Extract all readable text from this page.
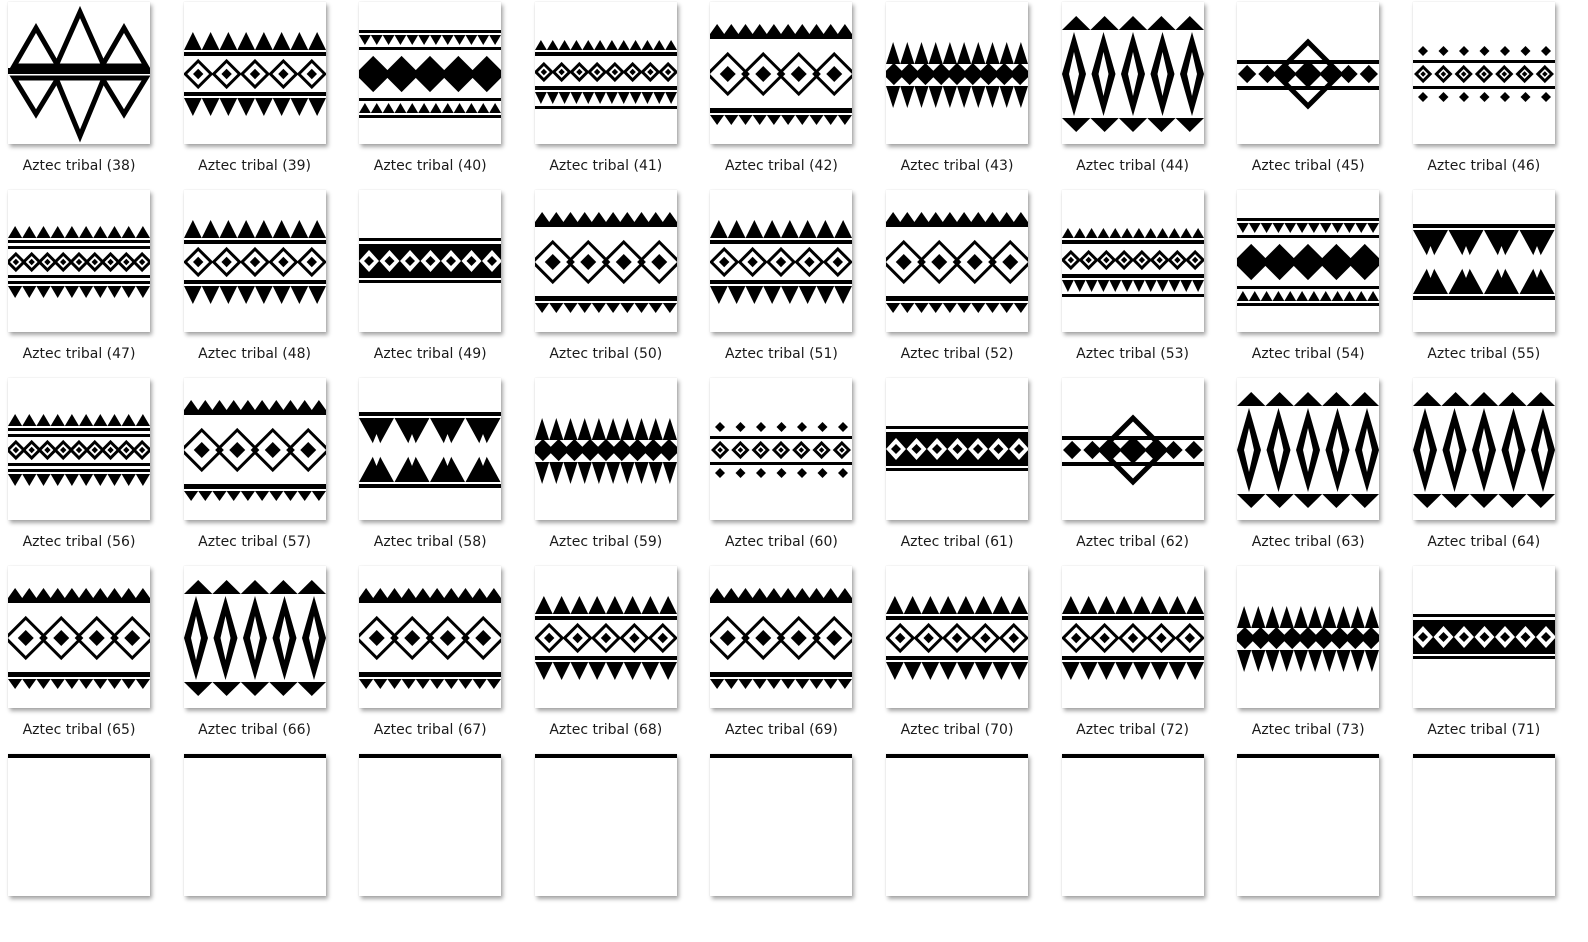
Aztec tribal (38)	Aztec tribal (39)	Aztec tribal (40)	Aztec tribal (41)	Aztec tribal (42)	Aztec tribal (43)	Aztec tribal (44)	Aztec tribal (45)	Aztec tribal (46)
Aztec tribal (47)	Aztec tribal (48)	Aztec tribal (49)	Aztec tribal (50)	Aztec tribal (51)	Aztec tribal (52)	Aztec tribal (53)	Aztec tribal (54)	Aztec tribal (55)
Aztec tribal (56)	Aztec tribal (57)	Aztec tribal (58)	Aztec tribal (59)	Aztec tribal (60)	Aztec tribal (61)	Aztec tribal (62)	Aztec tribal (63)	Aztec tribal (64)
Aztec tribal (65)	Aztec tribal (66)	Aztec tribal (67)	Aztec tribal (68)	Aztec tribal (69)	Aztec tribal (70)	Aztec tribal (72)	Aztec tribal (73)	Aztec tribal (71)
